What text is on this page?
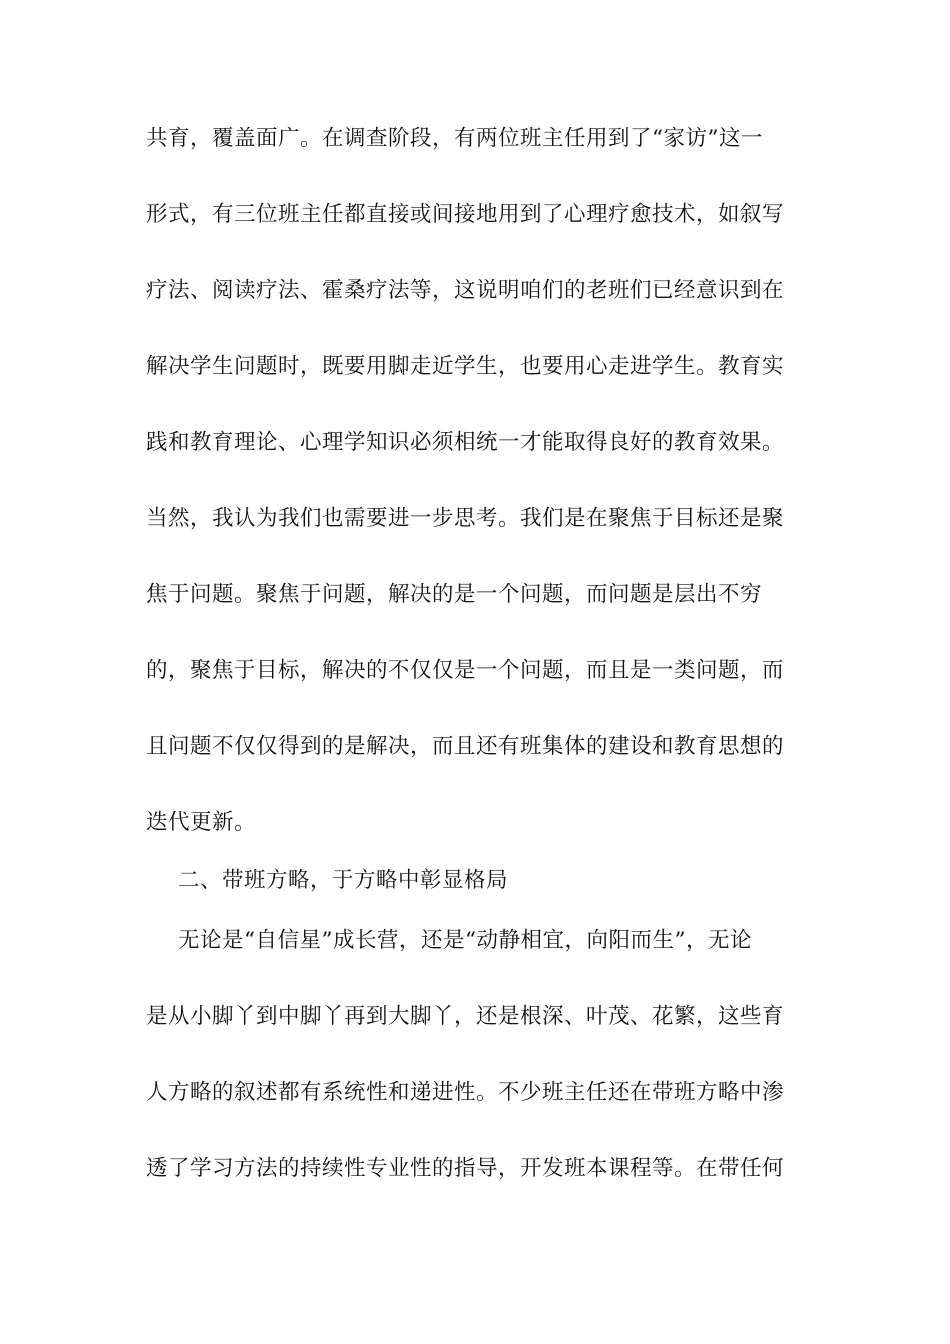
共育，覆盖面广。在调查阶段，有两位班主任用到了“家访”这一
形式，有三位班主任都直接或间接地用到了心理疗愈技术，如叙写
疗法、阅读疗法、霍桑疗法等，这说明咱们的老班们已经意识到在
解决学生问题时，既要用脚走近学生，也要用心走进学生。教育实
践和教育理论、心理学知识必须相统一才能取得良好的教育效果。
当然，我认为我们也需要进一步思考。我们是在聚焦于目标还是聚
焦于问题。聚焦于问题，解决的是一个问题，而问题是层出不穷
的，聚焦于目标，解决的不仅仅是一个问题，而且是一类问题，而
且问题不仅仅得到的是解决，而且还有班集体的建设和教育思想的
迭代更新。
二、带班方略，于方略中彰显格局
无论是“自信星”成长营，还是“动静相宜，向阳而生”，无论
是从小脚丫到中脚丫再到大脚丫，还是根深、叶茂、花繁，这些育
人方略的叙述都有系统性和递进性。不少班主任还在带班方略中渗
透了学习方法的持续性专业性的指导，开发班本课程等。在带任何
